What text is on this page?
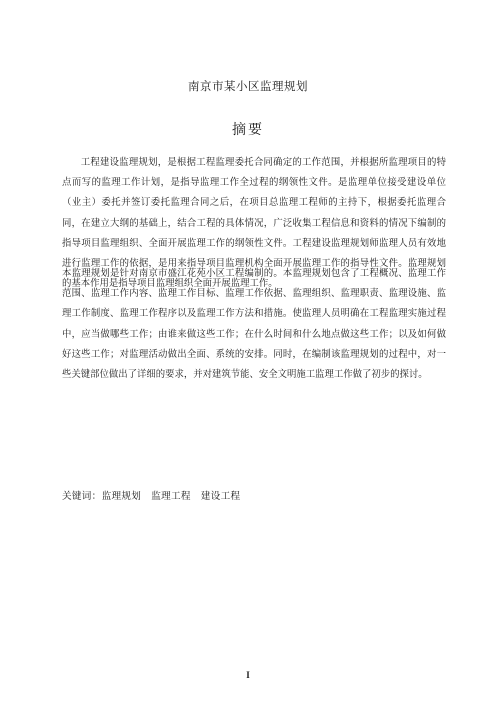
南京市某小区监理规划
摘要
工程建设监理规划，是根据工程监理委托合同确定的工作范围，并根据所监理项目的特点而写的监理工作计划，是指导监理工作全过程的纲领性文件。是监理单位接受建设单位（业主）委托并签订委托监理合同之后，在项目总监理工程师的主持下，根据委托监理合同，在建立大纲的基础上，结合工程的具体情况，广泛收集工程信息和资料的情况下编制的指导项目监理组织、全面开展监理工作的纲领性文件。工程建设监理规划师监理人员有效地进行监理工作的依据，是用来指导项目监理机构全面开展监理工作的指导性文件。监理规划的基本作用是指导项目监理组织全面开展监理工作。
本监理规划是针对南京市盛江花苑小区工程编制的。本监理规划包含了工程概况、监理工作范围、监理工作内容、监理工作目标、监理工作依据、监理组织、监理职责、监理设施、监理工作制度、监理工作程序以及监理工作方法和措施。使监理人员明确在工程监理实施过程中，应当做哪些工作；由谁来做这些工作；在什么时间和什么地点做这些工作；以及如何做好这些工作；对监理活动做出全面、系统的安排。同时，在编制该监理规划的过程中，对一些关键部位做出了详细的要求，并对建筑节能、安全文明施工监理工作做了初步的探讨。
关键词：监理规划   监理工程   建设工程
I
